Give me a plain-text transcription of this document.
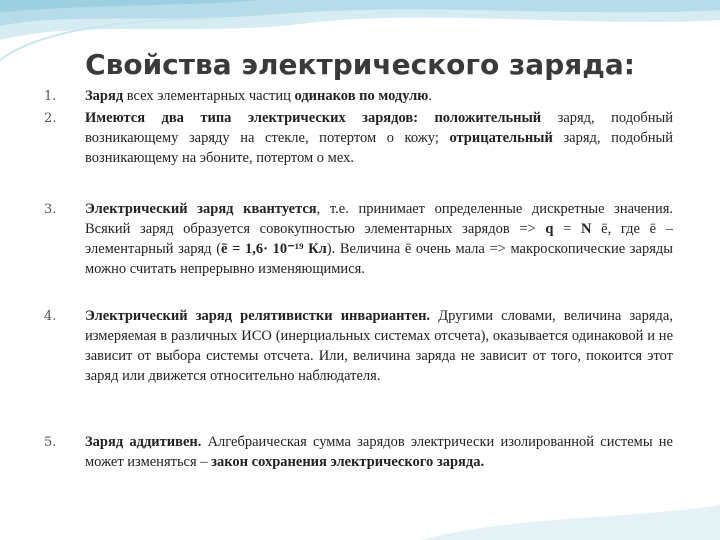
Свойства электрического заряда:
1.	Заряд всех элементарных частиц одинаков по модулю.
2.	Имеются два типа электрических зарядов: положительный заряд, подобный возникающему заряду на стекле, потертом о кожу; отрицательный заряд, подобный возникающему на эбоните, потертом о мех.
3.	Электрический заряд квантуется, т.е. принимает определенные дискретные значения. Всякий заряд образуется совокупностью элементарных зарядов => q = N ē, где ē – элементарный заряд (ē = 1,6· 10⁻¹⁹ Кл). Величина ē очень мала => макроскопические заряды можно считать непрерывно изменяющимися.
4.	Электрический заряд релятивистки инвариантен. Другими словами, величина заряда, измеряемая в различных ИСО (инерциальных системах отсчета), оказывается одинаковой и не зависит от выбора системы отсчета. Или, величина заряда не зависит от того, покоится этот заряд или движется относительно наблюдателя.
5.	Заряд аддитивен. Алгебраическая сумма зарядов электрически изолированной системы не может изменяться – закон сохранения электрического заряда.
